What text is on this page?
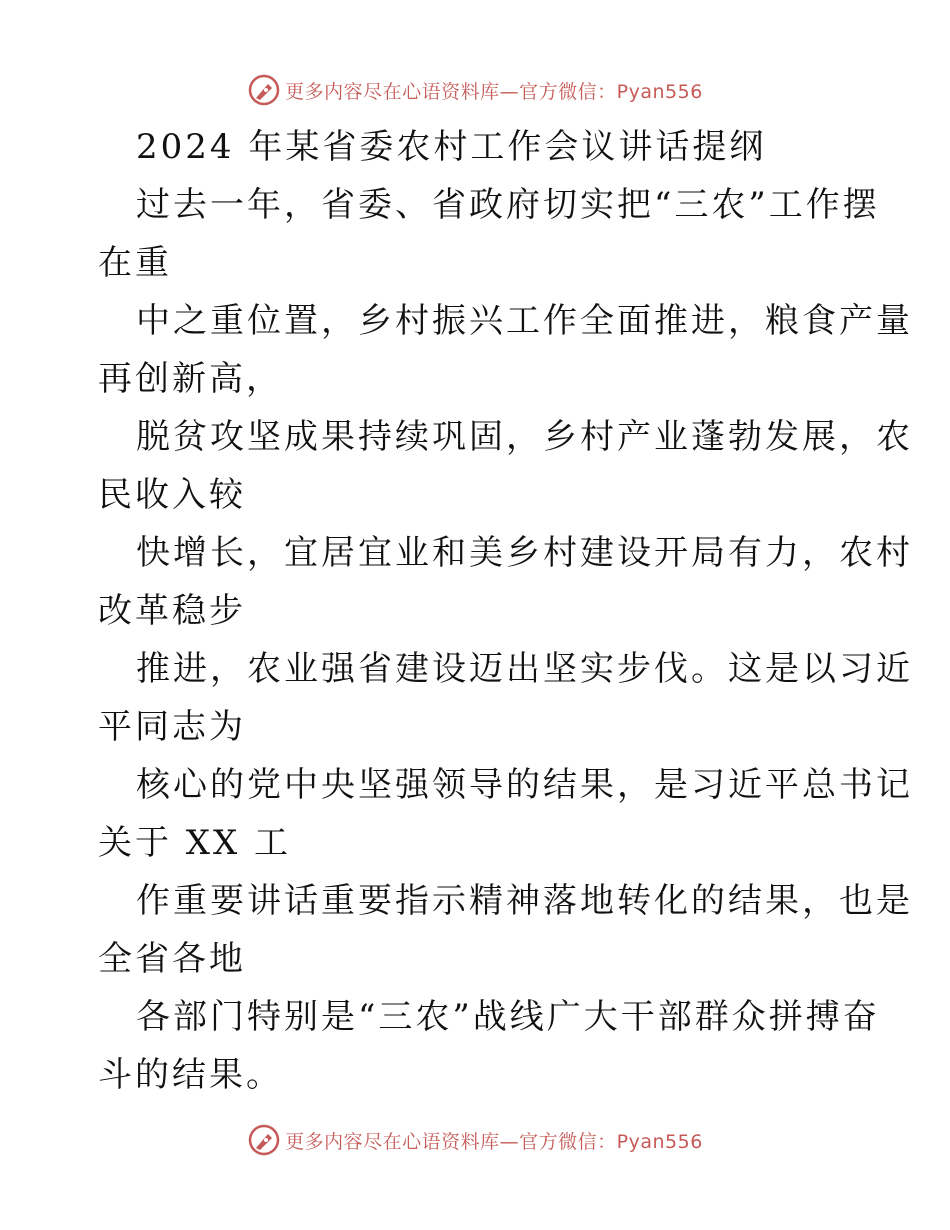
更多内容尽在心语资料库—官方微信：Pyan556
2024 年某省委农村工作会议讲话提纲
过去一年，省委、省政府切实把“三农”工作摆
在重
中之重位置，乡村振兴工作全面推进，粮食产量
再创新高，
脱贫攻坚成果持续巩固，乡村产业蓬勃发展，农
民收入较
快增长，宜居宜业和美乡村建设开局有力，农村
改革稳步
推进，农业强省建设迈出坚实步伐。这是以习近
平同志为
核心的党中央坚强领导的结果，是习近平总书记
关于 XX 工
作重要讲话重要指示精神落地转化的结果，也是
全省各地
各部门特别是“三农”战线广大干部群众拼搏奋
斗的结果。
更多内容尽在心语资料库—官方微信：Pyan556
